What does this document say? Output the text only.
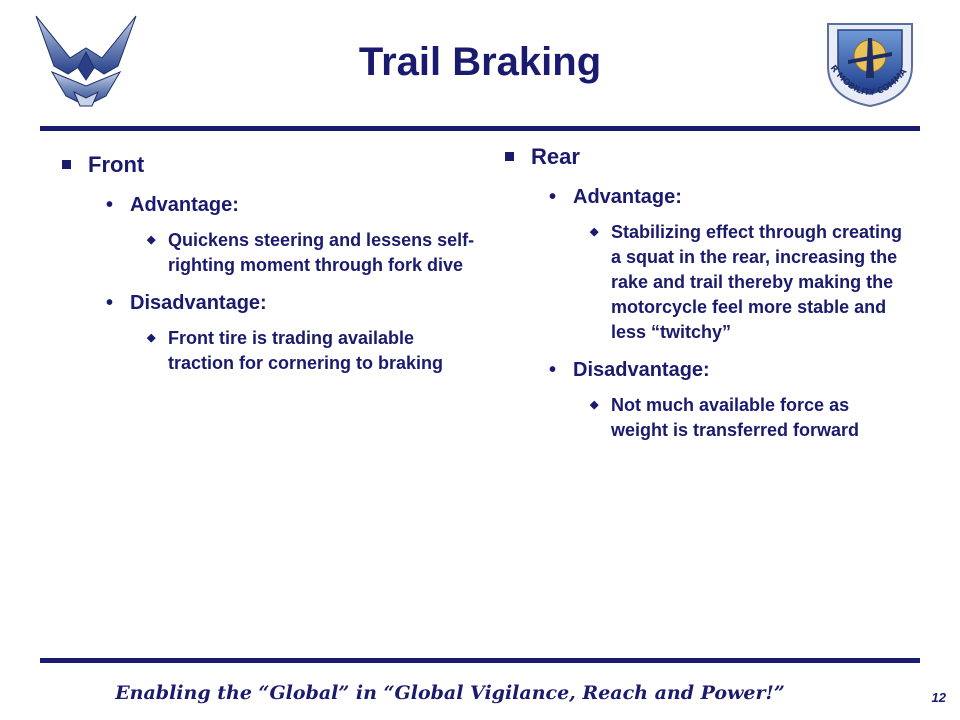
R MOBILITY COMMA
Trail Braking
Front
• Advantage:
◆ Quickens steering and lessens self-righting moment through fork dive
• Disadvantage:
◆ Front tire is trading available traction for cornering to braking
Rear
• Advantage:
◆ Stabilizing effect through creating a squat in the rear, increasing the rake and trail thereby making the motorcycle feel more stable and less “twitchy”
• Disadvantage:
◆ Not much available force as weight is transferred forward
Enabling the “Global” in “Global Vigilance, Reach and Power!”	12
